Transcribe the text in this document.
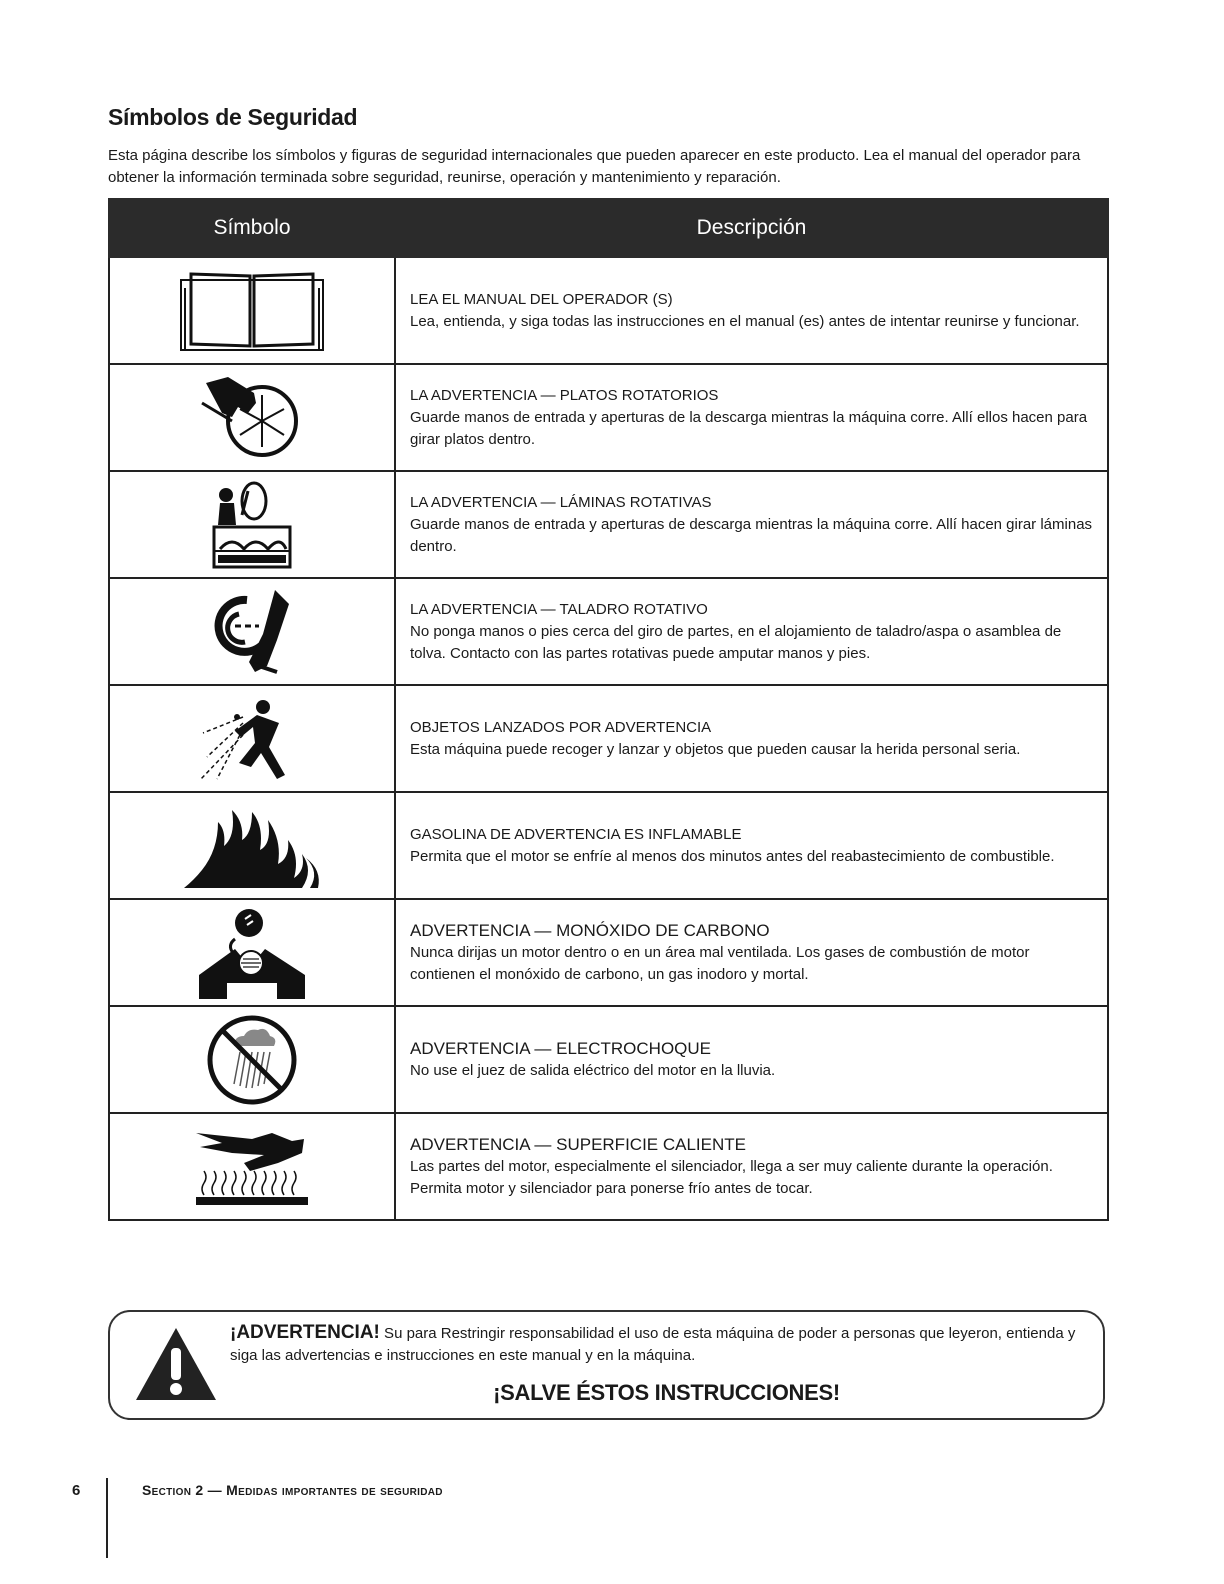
Símbolos de Seguridad

Esta página describe los símbolos y figuras de seguridad internacionales que pueden aparecer en este producto. Lea el manual del operador para obtener la información terminada sobre seguridad, reunirse, operación y mantenimiento y reparación.

Símbolo	Descripción

LEA EL MANUAL DEL OPERADOR (S)
Lea, entienda, y siga todas las instrucciones en el manual (es) antes de intentar reunirse y funcionar.

LA ADVERTENCIA — PLATOS ROTATORIOS
Guarde manos de entrada y aperturas de la descarga mientras la máquina corre. Allí ellos hacen para girar platos dentro.

LA ADVERTENCIA — LÁMINAS ROTATIVAS
Guarde manos de entrada y aperturas de descarga mientras la máquina corre. Allí hacen girar láminas dentro.

LA ADVERTENCIA — TALADRO ROTATIVO
No ponga manos o pies cerca del giro de partes, en el alojamiento de taladro/aspa o asamblea de tolva. Contacto con las partes rotativas puede amputar manos y pies.

OBJETOS LANZADOS POR ADVERTENCIA
Esta máquina puede recoger y lanzar y objetos que pueden causar la herida personal seria.

GASOLINA DE ADVERTENCIA ES INFLAMABLE
Permita que el motor se enfríe al menos dos minutos antes del reabastecimiento de combustible.

ADVERTENCIA — MONÓXIDO DE CARBONO
Nunca dirijas un motor dentro o en un área mal ventilada. Los gases de combustión de motor contienen el monóxido de carbono, un gas inodoro y mortal.

ADVERTENCIA — ELECTROCHOQUE
No use el juez de salida eléctrico del motor en la lluvia.

ADVERTENCIA — SUPERFICIE CALIENTE
Las partes del motor, especialmente el silenciador, llega a ser muy caliente durante la operación. Permita motor y silenciador para ponerse frío antes de tocar.
¡ADVERTENCIA! Su para Restringir responsabilidad el uso de esta máquina de poder a personas que leyeron, entienda y siga las advertencias e instrucciones en este manual y en la máquina.
¡SALVE ÉSTOS INSTRUCCIONES!
6	Section 2 — Medidas importantes de seguridad
